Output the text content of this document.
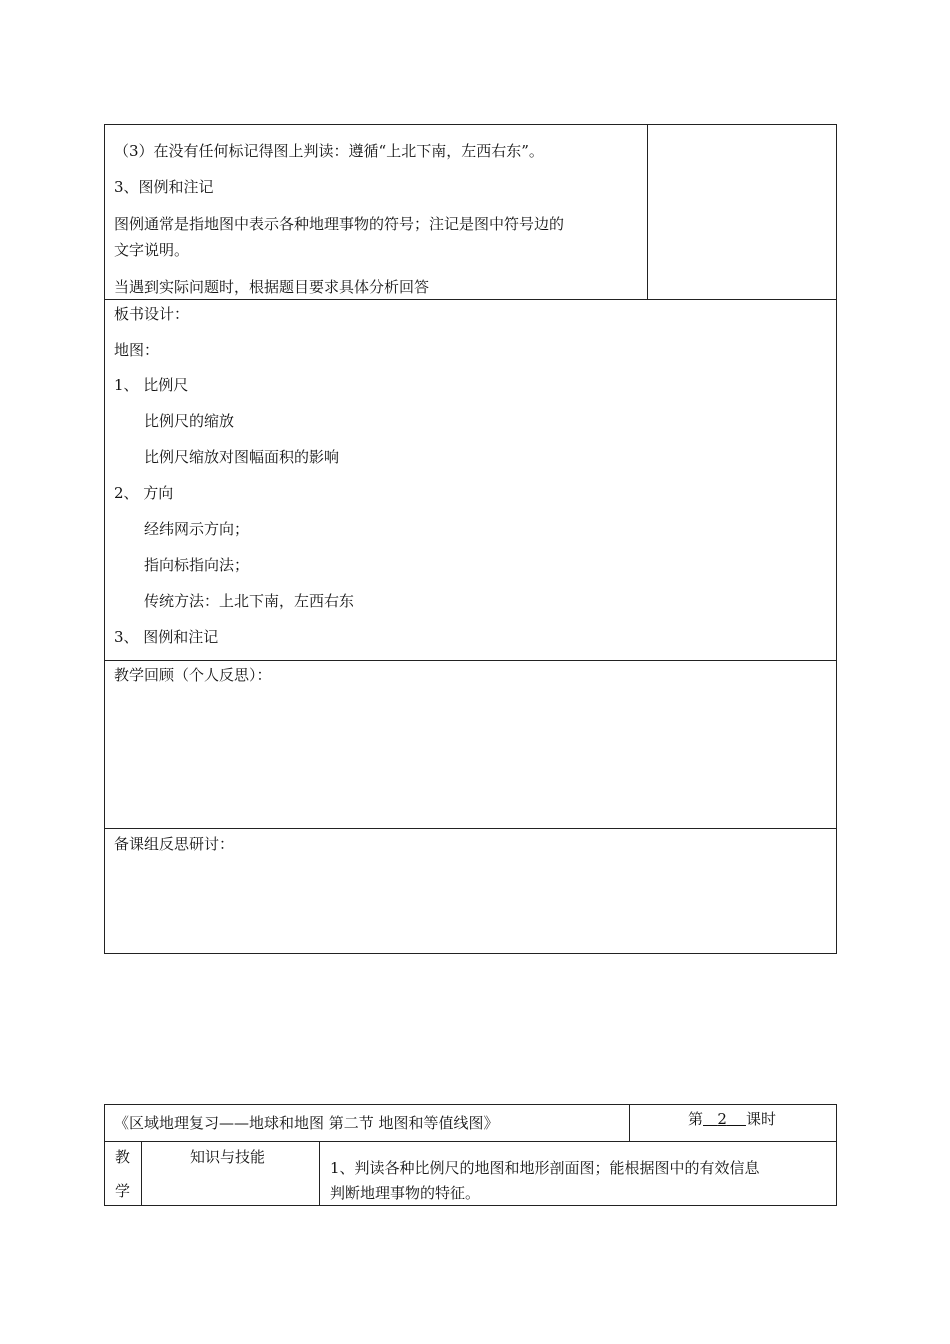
（3）在没有任何标记得图上判读：遵循“上北下南，左西右东”。
3、图例和注记
图例通常是指地图中表示各种地理事物的符号；注记是图中符号边的
文字说明。
当遇到实际问题时，根据题目要求具体分析回答
板书设计：
地图：
1、 比例尺
比例尺的缩放
比例尺缩放对图幅面积的影响
2、 方向
经纬网示方向；
指向标指向法；
传统方法：上北下南，左西右东
3、 图例和注记
教学回顾（个人反思）：
备课组反思研讨：
《区域地理复习——地球和地图 第二节 地图和等值线图》	第 2 课时
教
学
知识与技能
1、判读各种比例尺的地图和地形剖面图；能根据图中的有效信息
判断地理事物的特征。
